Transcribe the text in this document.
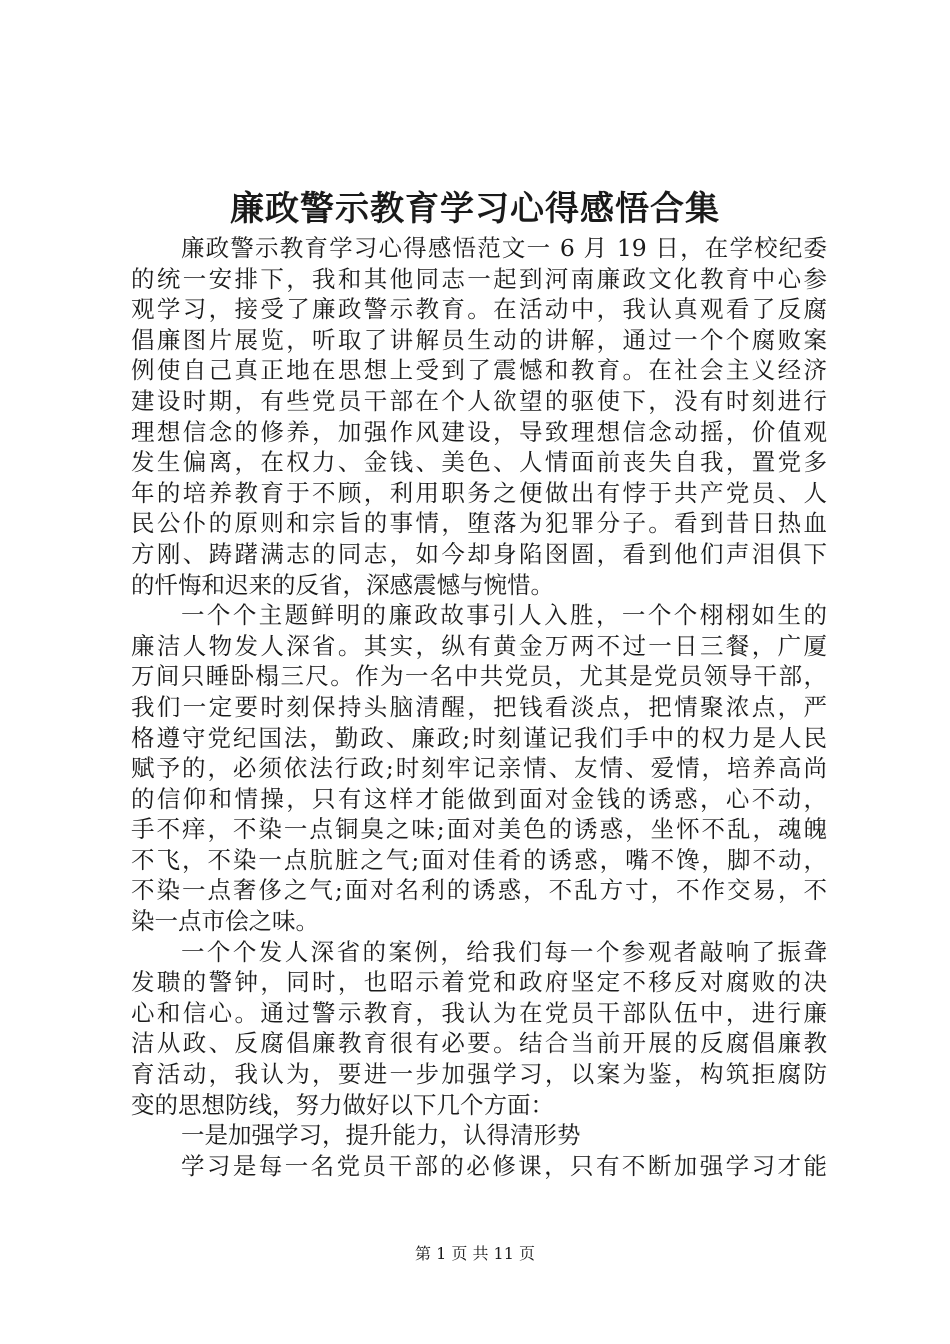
廉政警示教育学习心得感悟合集
廉政警示教育学习心得感悟范文一 6 月 19 日，在学校纪委
的统一安排下，我和其他同志一起到河南廉政文化教育中心参
观学习，接受了廉政警示教育。在活动中，我认真观看了反腐
倡廉图片展览，听取了讲解员生动的讲解，通过一个个腐败案
例使自己真正地在思想上受到了震憾和教育。在社会主义经济
建设时期，有些党员干部在个人欲望的驱使下，没有时刻进行
理想信念的修养，加强作风建设，导致理想信念动摇，价值观
发生偏离，在权力、金钱、美色、人情面前丧失自我，置党多
年的培养教育于不顾，利用职务之便做出有悖于共产党员、人
民公仆的原则和宗旨的事情，堕落为犯罪分子。看到昔日热血
方刚、踌躇满志的同志，如今却身陷囹圄，看到他们声泪俱下
的忏悔和迟来的反省，深感震憾与惋惜。
一个个主题鲜明的廉政故事引人入胜，一个个栩栩如生的
廉洁人物发人深省。其实，纵有黄金万两不过一日三餐，广厦
万间只睡卧榻三尺。作为一名中共党员，尤其是党员领导干部，
我们一定要时刻保持头脑清醒，把钱看淡点，把情聚浓点，严
格遵守党纪国法，勤政、廉政;时刻谨记我们手中的权力是人民
赋予的，必须依法行政;时刻牢记亲情、友情、爱情，培养高尚
的信仰和情操，只有这样才能做到面对金钱的诱惑，心不动，
手不痒，不染一点铜臭之味;面对美色的诱惑，坐怀不乱，魂魄
不飞，不染一点肮脏之气;面对佳肴的诱惑，嘴不馋，脚不动，
不染一点奢侈之气;面对名利的诱惑，不乱方寸，不作交易，不
染一点市侩之味。
一个个发人深省的案例，给我们每一个参观者敲响了振聋
发聩的警钟，同时，也昭示着党和政府坚定不移反对腐败的决
心和信心。通过警示教育，我认为在党员干部队伍中，进行廉
洁从政、反腐倡廉教育很有必要。结合当前开展的反腐倡廉教
育活动，我认为，要进一步加强学习，以案为鉴，构筑拒腐防
变的思想防线，努力做好以下几个方面：
一是加强学习，提升能力，认得清形势
学习是每一名党员干部的必修课，只有不断加强学习才能
第 1 页 共 11 页
